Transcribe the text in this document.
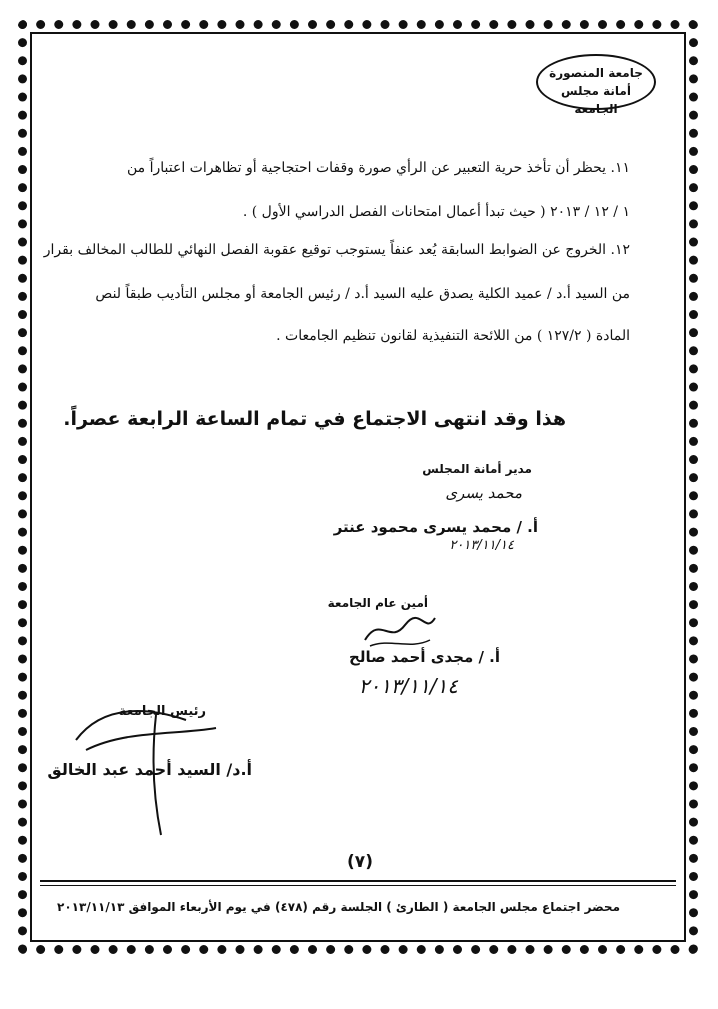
جامعة المنصورة
أمانة مجلس الجامعة
١١. يحظر أن تأخذ حرية التعبير عن الرأي صورة وقفات احتجاجية أو تظاهرات اعتباراً من
١ / ١٢ / ٢٠١٣ ( حيث تبدأ أعمال امتحانات الفصل الدراسي الأول ) .
١٢. الخروج عن الضوابط السابقة يُعد عنفاً يستوجب توقيع عقوبة الفصل النهائي للطالب المخالف بقرار
من السيد أ.د / عميد الكلية يصدق عليه السيد أ.د / رئيس الجامعة أو مجلس التأديب طبقاً لنص
المادة ( ١٢٧/٢ ) من اللائحة التنفيذية لقانون تنظيم الجامعات .
هذا وقد انتهى الاجتماع في تمام الساعة الرابعة عصراً.
مدير أمانة المجلس
محمد يسرى
أ. / محمد يسرى محمود عنتر
٢٠١٣/١١/١٤
أمين عام الجامعة
أ. / مجدى أحمد صالح
٢٠١٣/١١/١٤
رئيس الجامعة
أ.د/ السيد أحمد عبد الخالق
(٧)
محضر اجتماع مجلس الجامعة ( الطارئ ) الجلسة رقم (٤٧٨) في يوم الأربعاء الموافق ٢٠١٣/١١/١٣
